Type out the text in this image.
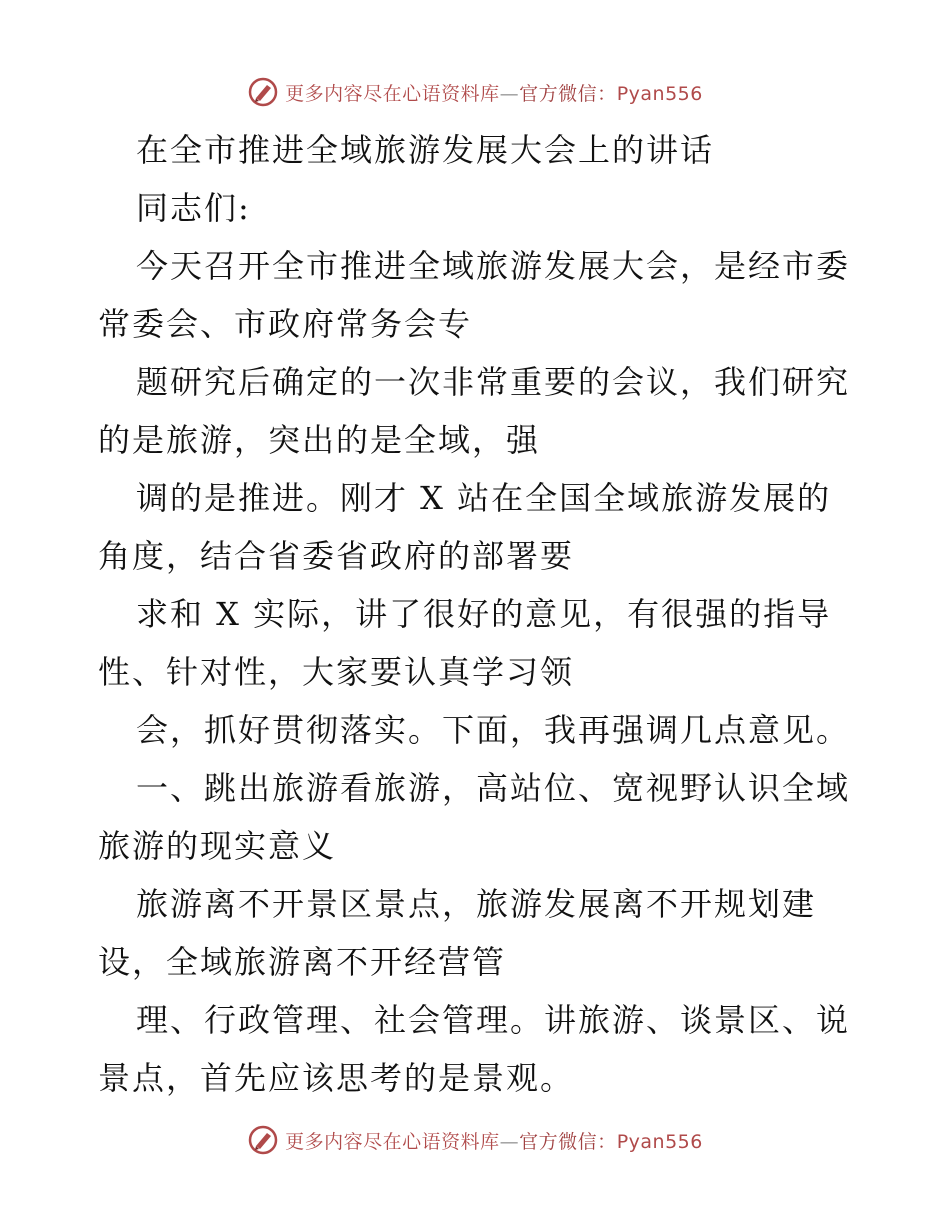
更多内容尽在心语资料库—官方微信：Pyan556
在全市推进全域旅游发展大会上的讲话
同志们:
今天召开全市推进全域旅游发展大会，是经市委
常委会、市政府常务会专
题研究后确定的一次非常重要的会议，我们研究
的是旅游，突出的是全域，强
调的是推进。刚才 X 站在全国全域旅游发展的
角度，结合省委省政府的部署要
求和 X 实际，讲了很好的意见，有很强的指导
性、针对性，大家要认真学习领
会，抓好贯彻落实。下面，我再强调几点意见。
一、跳出旅游看旅游，高站位、宽视野认识全域
旅游的现实意义
旅游离不开景区景点，旅游发展离不开规划建
设，全域旅游离不开经营管
理、行政管理、社会管理。讲旅游、谈景区、说
景点，首先应该思考的是景观。
更多内容尽在心语资料库—官方微信：Pyan556
